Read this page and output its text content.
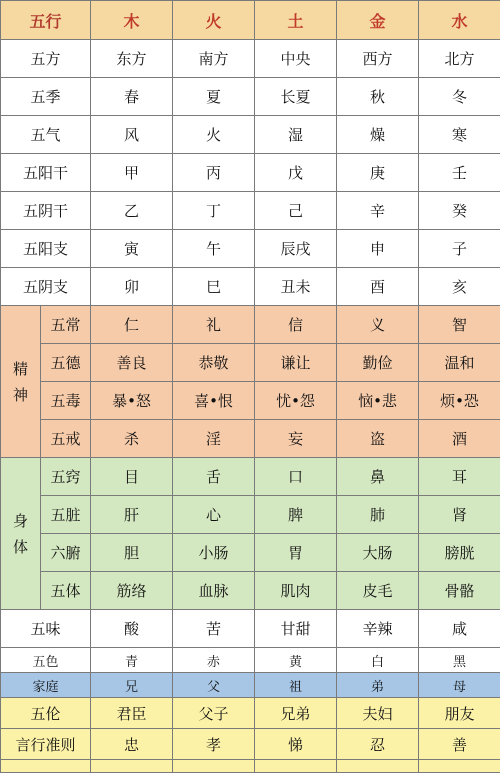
五行		木	火	土	金	水
五方		东方	南方	中央	西方	北方
五季		春	夏	长夏	秋	冬
五气		风	火	湿	燥	寒
五阳干		甲	丙	戊	庚	壬
五阴干		乙	丁	己	辛	癸
五阳支		寅	午	辰戌	申	子
五阴支		卯	巳	丑未	酉	亥
精
神	五常	仁	礼	信	义	智
	五德	善良	恭敬	谦让	勤俭	温和
	五毒	暴•怒	喜•恨	忧•怨	恼•悲	烦•恐
	五戒	杀	淫	妄	盗	酒
身
体	五窍	目	舌	口	鼻	耳
	五脏	肝	心	脾	肺	肾
	六腑	胆	小肠	胃	大肠	膀胱
	五体	筋络	血脉	肌肉	皮毛	骨骼
五味		酸	苦	甘甜	辛辣	咸
五色		青	赤	黄	白	黑
家庭		兄	父	祖	弟	母
五伦		君臣	父子	兄弟	夫妇	朋友
言行准则		忠	孝	悌	忍	善
